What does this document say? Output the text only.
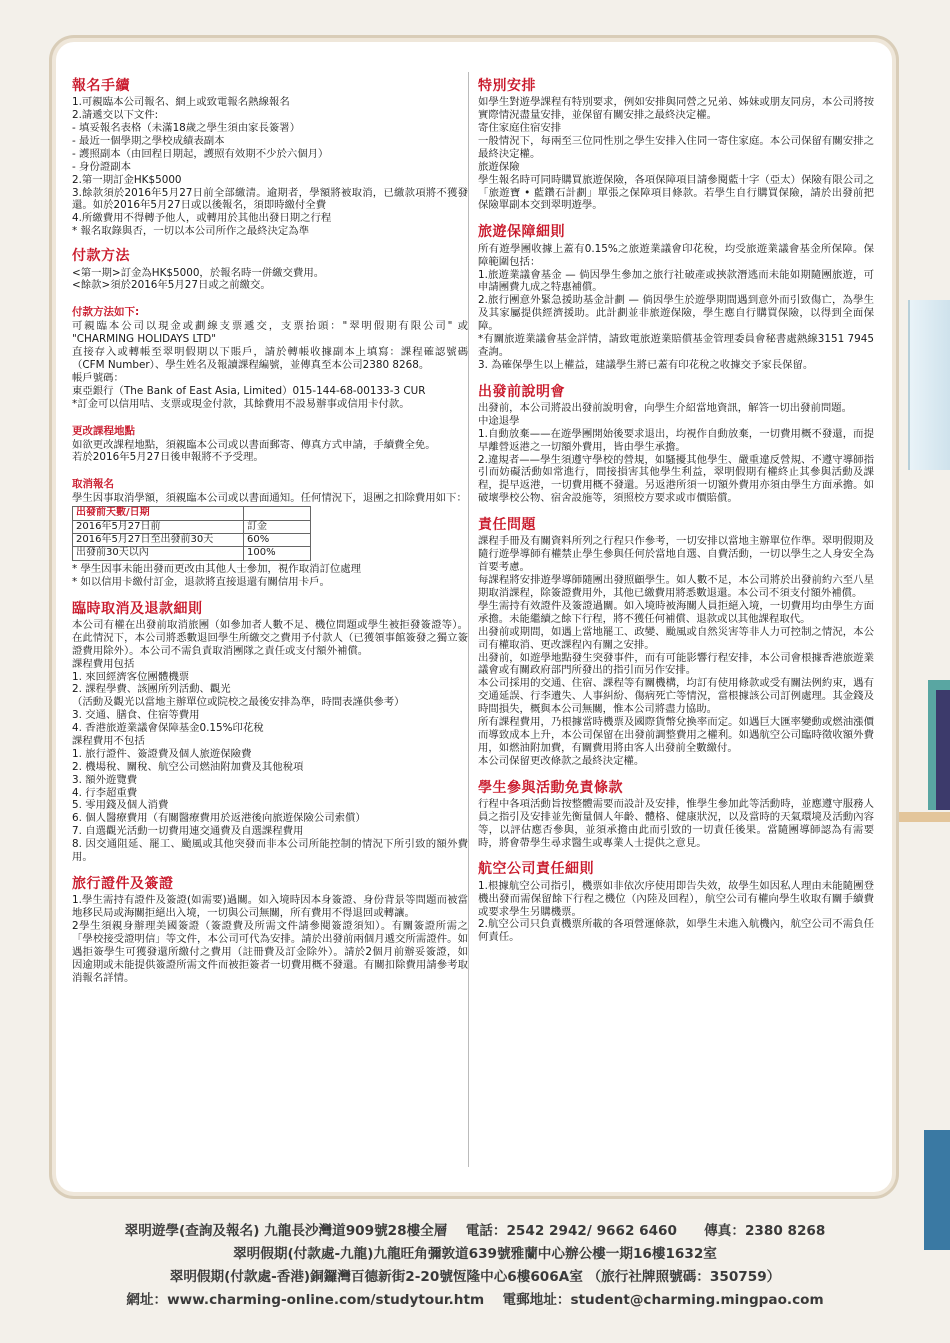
報名手續

1.可親臨本公司報名、網上或致電報名熱線報名

2.請遞交以下文件:

- 填妥報名表格（未滿18歲之學生須由家長簽署）

- 最近一個學期之學校成績表副本

- 護照副本（由回程日期起，護照有效期不少於六個月）

- 身份證副本

2.第一期訂金HK$5000

3.餘款須於2016年5月27日前全部繳清。逾期者，學額將被取消，已繳款項將不獲發還。如於2016年5月27日或以後報名，須即時繳付全費

4.所繳費用不得轉予他人，或轉用於其他出發日期之行程

* 報名取錄與否，一切以本公司所作之最終決定為準

付款方法

<第一期>訂金為HK$5000，於報名時一併繳交費用。

<餘款>須於2016年5月27日或之前繳交。

付款方法如下:

可親臨本公司以現金或劃線支票遞交，支票抬頭："翠明假期有限公司" 或 "CHARMING HOLIDAYS LTD"

直接存入或轉帳至翠明假期以下賬戶，請於轉帳收據副本上填寫：課程確認號碼（CFM Number）、學生姓名及報讀課程編號，並傳真至本公司2380 8268。

帳戶號碼：

東亞銀行（The Bank of East Asia, Limited）015-144-68-00133-3 CUR

*訂金可以信用咭、支票或現金付款，其餘費用不設易辦事或信用卡付款。

更改課程地點

如欲更改課程地點，須親臨本公司或以書面郵寄、傳真方式申請，手續費全免。

若於2016年5月27日後申報將不予受理。

取消報名

學生因事取消學額，須親臨本公司或以書面通知。任何情況下，退團之扣除費用如下：

出發前天數/日期	
2016年5月27日前	訂金
2016年5月27日至出發前30天	60%
出發前30天以內	100%

* 學生因事未能出發而更改由其他人士參加，視作取消訂位處理

* 如以信用卡繳付訂金，退款將直接退還有關信用卡戶。

臨時取消及退款細則

本公司有權在出發前取消旅團（如參加者人數不足、機位問題或學生被拒發簽證等）。在此情況下，本公司將悉數退回學生所繳交之費用予付款人（已獲領事館簽發之獨立簽證費用除外）。本公司不需負責取消團隊之責任或支付額外補償。

課程費用包括

1. 來回經濟客位團體機票

2. 課程學費、該團所列活動、觀光

（活動及觀光以當地主辦單位或院校之最後安排為準，時間表謹供參考）

3. 交通、膳食、住宿等費用

4. 香港旅遊業議會保障基金0.15%印花稅

課程費用不包括

1. 旅行證件、簽證費及個人旅遊保險費

2. 機場稅、關稅、航空公司燃油附加費及其他稅項

3. 額外遊覽費

4. 行李超重費

5. 零用錢及個人消費

6. 個人醫療費用（有關醫療費用於返港後向旅遊保險公司索償）

7. 自選觀光活動一切費用連交通費及自選課程費用

8. 因交通阻延、罷工、颱風或其他突發而非本公司所能控制的情況下所引致的額外費用。

旅行證件及簽證

1.學生需持有證件及簽證(如需要)過關。如入境時因本身簽證、身份背景等問題而被當地移民局或海關拒絕出入境，一切與公司無關，所有費用不得退回或轉讓。

2學生須親身辦理美國簽證（簽證費及所需文件請參閱簽證須知）。有關簽證所需之「學校接受證明信」等文件，本公司可代為安排。請於出發前兩個月遞交所需證件。如遇拒簽學生可獲發還所繳付之費用（註冊費及訂金除外）。請於2個月前辦妥簽證，如因逾期或未能提供簽證所需文件而被拒簽者一切費用概不發還。有關扣除費用請參考取消報名詳情。

特別安排

如學生對遊學課程有特別要求，例如安排與同營之兄弟、姊妹或朋友同房，本公司將按實際情況盡量安排，並保留有關安排之最終決定權。

寄住家庭住宿安排

一般情況下，每兩至三位同性別之學生安排入住同一寄住家庭。本公司保留有關安排之最終決定權。

旅遊保險

學生報名時可同時購買旅遊保險，各項保障項目請參閱藍十字（亞太）保險有限公司之「旅遊寶 • 藍鑽石計劃」單張之保障項目條款。若學生自行購買保險，請於出發前把保險單副本交到翠明遊學。

旅遊保障細則

所有遊學團收據上蓋有0.15%之旅遊業議會印花稅，均受旅遊業議會基金所保障。保障範圍包括：

1.旅遊業議會基金 — 倘因學生參加之旅行社破產或挾款潛逃而未能如期隨團旅遊，可申請團費九成之特惠補償。

2.旅行團意外緊急援助基金計劃 — 倘因學生於遊學期間遇到意外而引致傷亡，為學生及其家屬提供經濟援助。此計劃並非旅遊保險，學生應自行購買保險，以得到全面保障。

*有關旅遊業議會基金詳情，請致電旅遊業賠償基金管理委員會秘書處熱線3151 7945查詢。

3. 為確保學生以上權益，建議學生將已蓋有印花稅之收據交予家長保留。

出發前說明會

出發前，本公司將設出發前說明會，向學生介紹當地資訊，解答一切出發前問題。

中途退學

1.自動放棄——在遊學團開始後要求退出，均視作自動放棄，一切費用概不發還，而提早離營返港之一切額外費用，皆由學生承擔。

2.違規者——學生須遵守學校的營規，如騷擾其他學生、嚴重違反營規、不遵守導師指引而妨礙活動如常進行，間接損害其他學生利益，翠明假期有權終止其參與活動及課程，提早返港，一切費用概不發還。另返港所須一切額外費用亦須由學生方面承擔。如破壞學校公物、宿舍設施等，須照校方要求或市價賠償。

責任問題

課程手冊及有關資料所列之行程只作參考，一切安排以當地主辦單位作準。翠明假期及隨行遊學導師有權禁止學生參與任何於當地自選、自費活動，一切以學生之人身安全為首要考慮。

每課程將安排遊學導師隨團出發照顧學生。如人數不足，本公司將於出發前約六至八星期取消課程，除簽證費用外，其他已繳費用將悉數退還。本公司不須支付額外補償。

學生需持有效證件及簽證過關。如入境時被海關人員拒絕入境，一切費用均由學生方面承擔。未能繼續之餘下行程，將不獲任何補償、退款或以其他課程取代。

出發前或期間，如遇上當地罷工、政變、颱風或自然災害等非人力可控制之情況，本公司有權取消、更改課程內有關之安排。

出發前，如遊學地點發生突發事件，而有可能影響行程安排，本公司會根據香港旅遊業議會或有關政府部門所發出的指引而另作安排。

本公司採用的交通、住宿、課程等有關機構，均訂有使用條款或受有關法例約束，遇有交通延誤、行李遺失、人事糾紛、傷病死亡等情況，當根據該公司訂例處理。其金錢及時間損失，概與本公司無關，惟本公司將盡力協助。

所有課程費用，乃根據當時機票及國際貨幣兌換率而定。如遇巨大匯率變動或燃油漲價而導致成本上升，本公司保留在出發前調整費用之權利。如遇航空公司臨時徵收額外費用，如燃油附加費，有關費用將由客人出發前全數繳付。

本公司保留更改條款之最終決定權。

學生參與活動免責條款

行程中各項活動旨按整體需要而設計及安排，惟學生參加此等活動時，並應遵守服務人員之指引及安排並先衡量個人年齡、體格、健康狀況，以及當時的天氣環境及活動內容等，以評估應否參與，並須承擔由此而引致的一切責任後果。當隨團導師認為有需要時，將會帶學生尋求醫生或專業人士提供之意見。

航空公司責任細則

1.根據航空公司指引，機票如非依次序使用即告失效，故學生如因私人理由未能隨團登機出發而需保留餘下行程之機位（內陸及回程），航空公司有權向學生收取有關手續費或要求學生另購機票。

2.航空公司只負責機票所載的各項營運條款，如學生未進入航機內，航空公司不需負任何責任。

翠明遊學(查詢及報名) 九龍長沙灣道909號28樓全層　 電話：2542 2942/ 9662 6460　　傳真：2380 8268
翠明假期(付款處-九龍)九龍旺角彌敦道639號雅蘭中心辦公樓一期16樓1632室
翠明假期(付款處-香港)銅鑼灣百德新街2-20號恆隆中心6樓606A室 （旅行社牌照號碼：350759）
網址：www.charming-online.com/studytour.htm　 電郵地址：student@charming.mingpao.com
